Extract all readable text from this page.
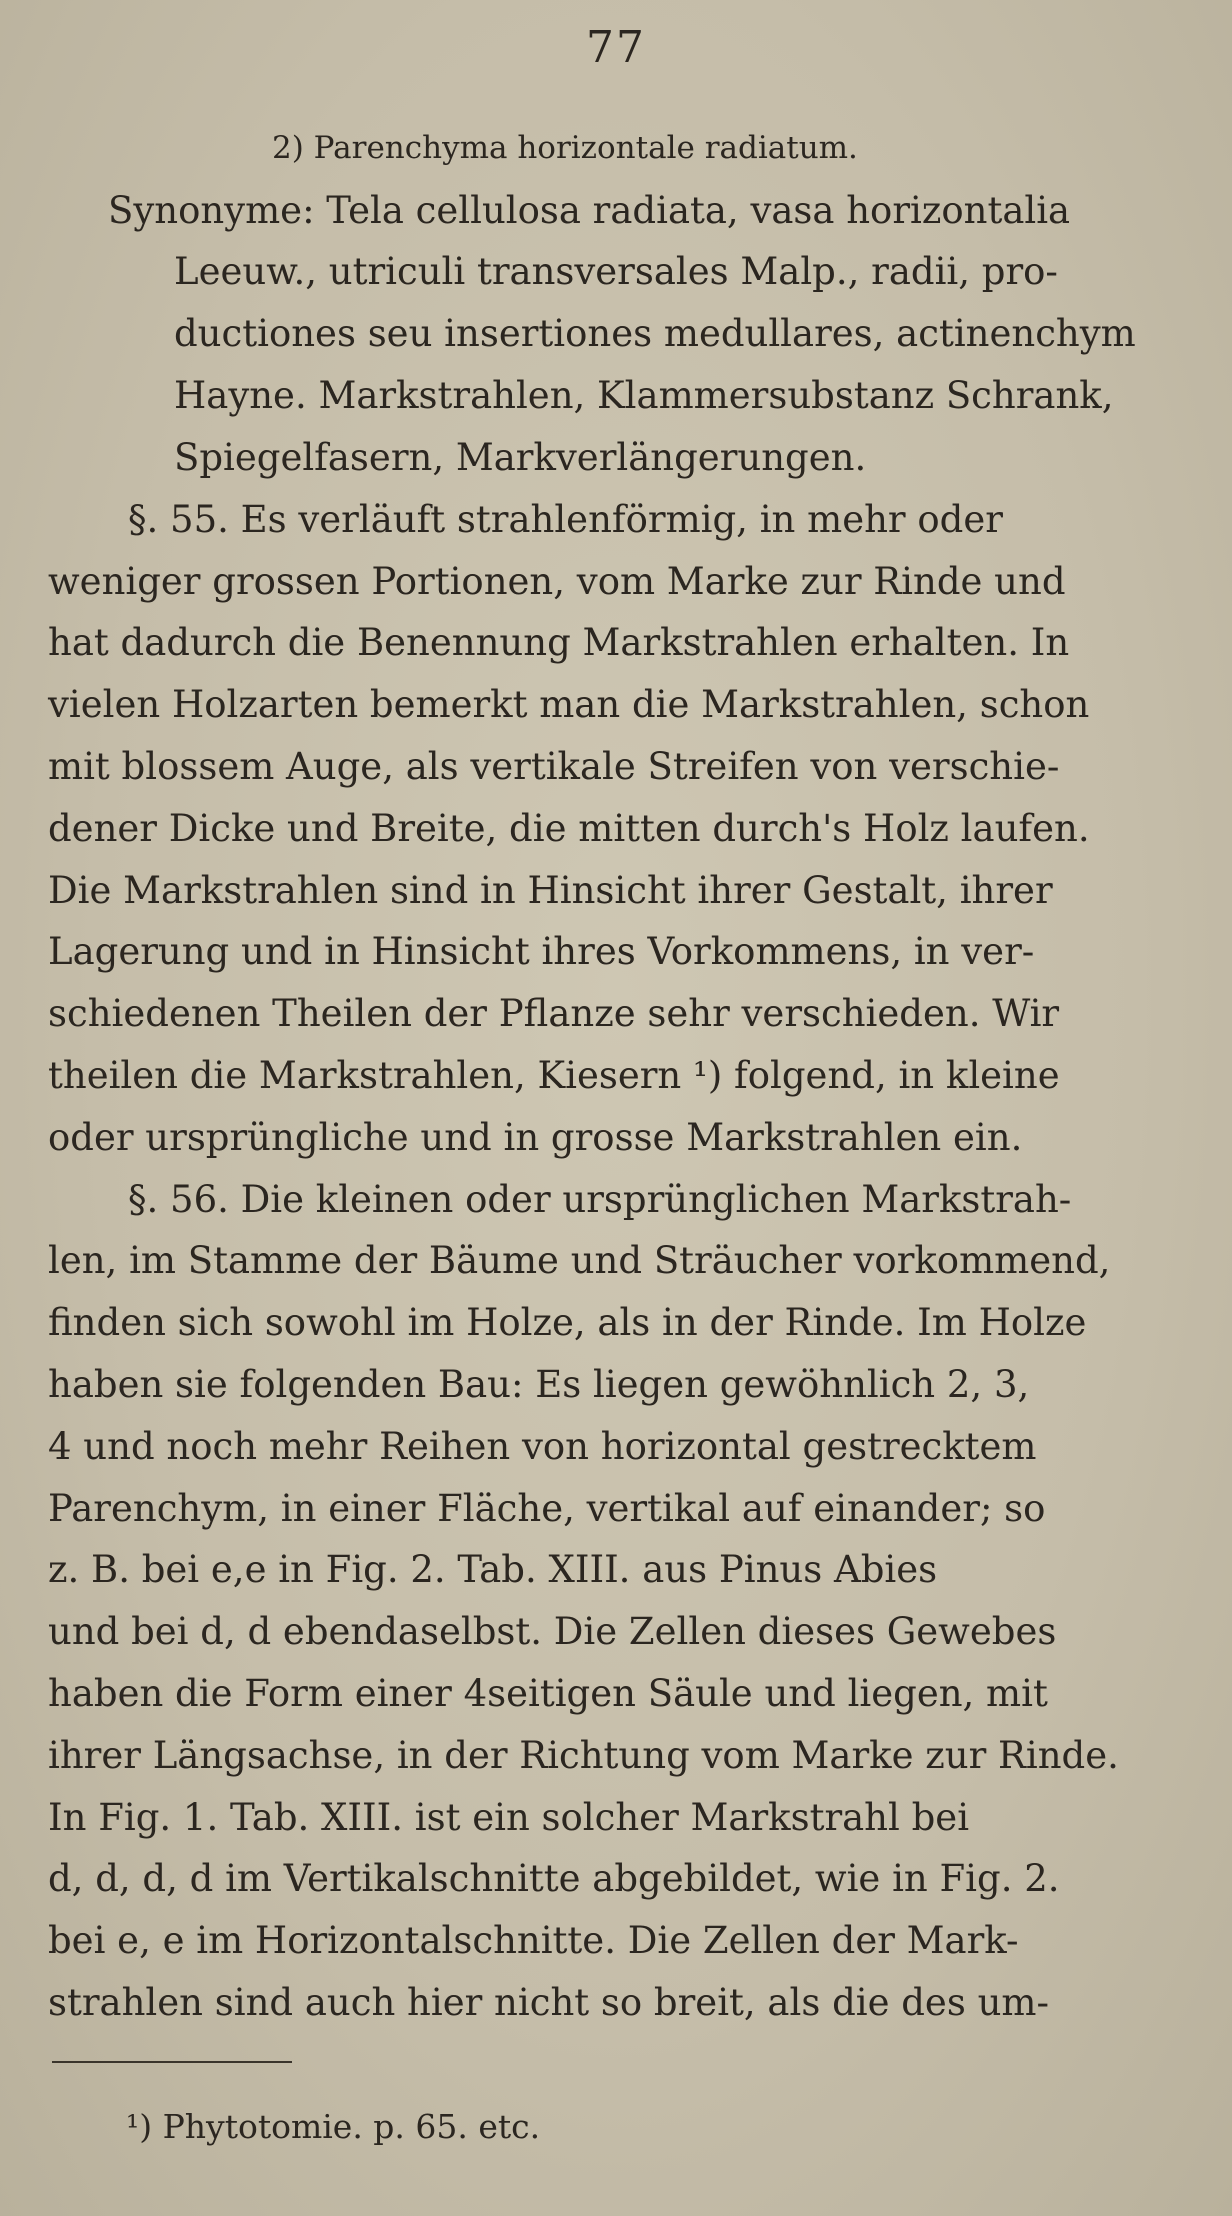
77
2) Parenchyma horizontale radiatum.
Synonyme: Tela cellulosa radiata, vasa horizontalia
Leeuw., utriculi transversales Malp., radii, pro-
ductiones seu insertiones medullares, actinenchym
Hayne. Markstrahlen, Klammersubstanz Schrank,
Spiegelfasern, Markverlängerungen.
§. 55. Es verläuft strahlenförmig, in mehr oder
weniger grossen Portionen, vom Marke zur Rinde und
hat dadurch die Benennung Markstrahlen erhalten. In
vielen Holzarten bemerkt man die Markstrahlen, schon
mit blossem Auge, als vertikale Streifen von verschie-
dener Dicke und Breite, die mitten durch's Holz laufen.
Die Markstrahlen sind in Hinsicht ihrer Gestalt, ihrer
Lagerung und in Hinsicht ihres Vorkommens, in ver-
schiedenen Theilen der Pflanze sehr verschieden. Wir
theilen die Markstrahlen, Kiesern ¹) folgend, in kleine
oder ursprüngliche und in grosse Markstrahlen ein.
§. 56. Die kleinen oder ursprünglichen Markstrah-
len, im Stamme der Bäume und Sträucher vorkommend,
finden sich sowohl im Holze, als in der Rinde. Im Holze
haben sie folgenden Bau: Es liegen gewöhnlich 2, 3,
4 und noch mehr Reihen von horizontal gestrecktem
Parenchym, in einer Fläche, vertikal auf einander; so
z. B. bei e,e in Fig. 2. Tab. XIII. aus Pinus Abies
und bei d, d ebendaselbst. Die Zellen dieses Gewebes
haben die Form einer 4seitigen Säule und liegen, mit
ihrer Längsachse, in der Richtung vom Marke zur Rinde.
In Fig. 1. Tab. XIII. ist ein solcher Markstrahl bei
d, d, d, d im Vertikalschnitte abgebildet, wie in Fig. 2.
bei e, e im Horizontalschnitte. Die Zellen der Mark-
strahlen sind auch hier nicht so breit, als die des um-
¹) Phytotomie. p. 65. etc.
